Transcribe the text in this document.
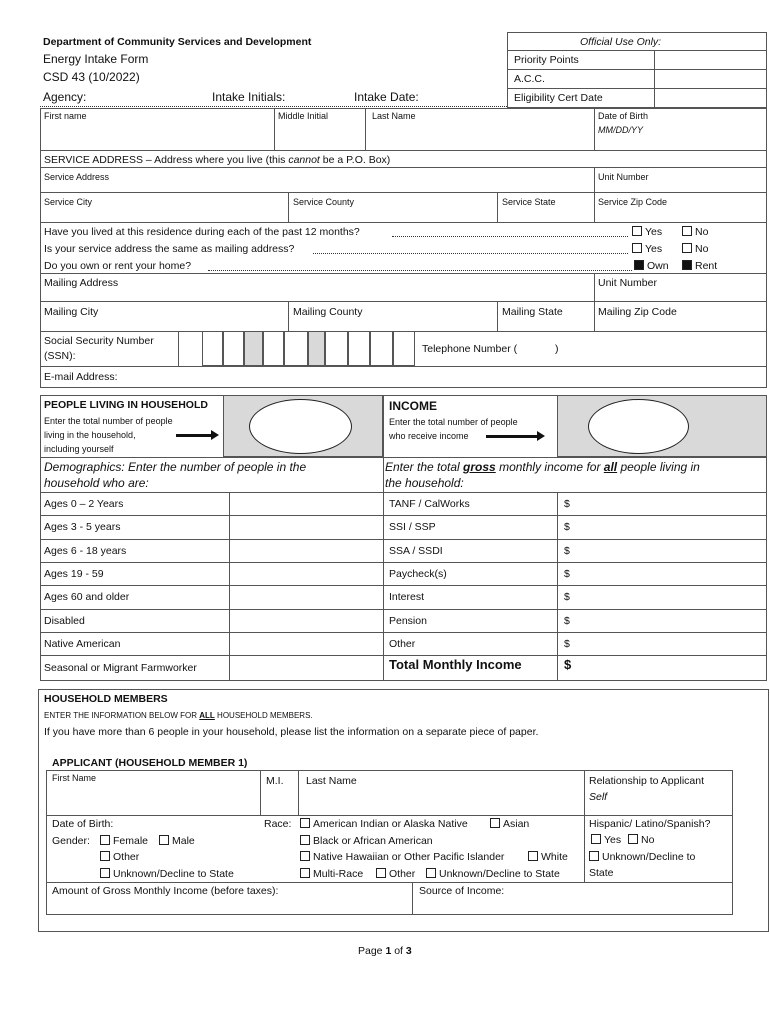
Department of Community Services and Development
Energy Intake Form
CSD 43 (10/2022)
Agency:	Intake Initials:	Intake Date:
Official Use Only:
Priority Points
A.C.C.
Eligibility Cert Date
First name	Middle Initial	Last Name	Date of Birth
MM/DD/YY
SERVICE ADDRESS – Address where you live (this cannot be a P.O. Box)
Service Address	Unit Number
Service City	Service County	Service State	Service Zip Code
Have you lived at this residence during each of the past 12 months?	Yes	No
Is your service address the same as mailing address?	Yes	No
Do you own or rent your home?	Own	Rent
Mailing Address	Unit Number
Mailing City	Mailing County	Mailing State	Mailing Zip Code
Social Security Number
(SSN):
Telephone Number (	)
E-mail Address:
PEOPLE LIVING IN HOUSEHOLD
Enter the total number of people
living in the household,
including yourself
INCOME
Enter the total number of people
who receive income
Demographics: Enter the number of people in the
household who are:
Enter the total gross monthly income for all people living in
the household:
Ages 0 – 2 Years	TANF / CalWorks	$
Ages 3 - 5 years	SSI / SSP	$
Ages 6 - 18 years	SSA / SSDI	$
Ages 19 - 59	Paycheck(s)	$
Ages 60 and older	Interest	$
Disabled	Pension	$
Native American	Other	$
Seasonal or Migrant Farmworker	Total Monthly Income	$
HOUSEHOLD MEMBERS
ENTER THE INFORMATION BELOW FOR ALL HOUSEHOLD MEMBERS.
If you have more than 6 people in your household, please list the information on a separate piece of paper.
APPLICANT (HOUSEHOLD MEMBER 1)
First Name	M.I. Last Name	Relationship to Applicant
Self
Date of Birth:
Gender:	Female	Male
Other
Unknown/Decline to State
Race:	American Indian or Alaska Native	Asian
Black or African American
Native Hawaiian or Other Pacific Islander	White
Multi-Race	Other	Unknown/Decline to State
Hispanic/ Latino/Spanish?
Yes	No
Unknown/Decline to
State
Amount of Gross Monthly Income (before taxes):	Source of Income:
Page 1 of 3
